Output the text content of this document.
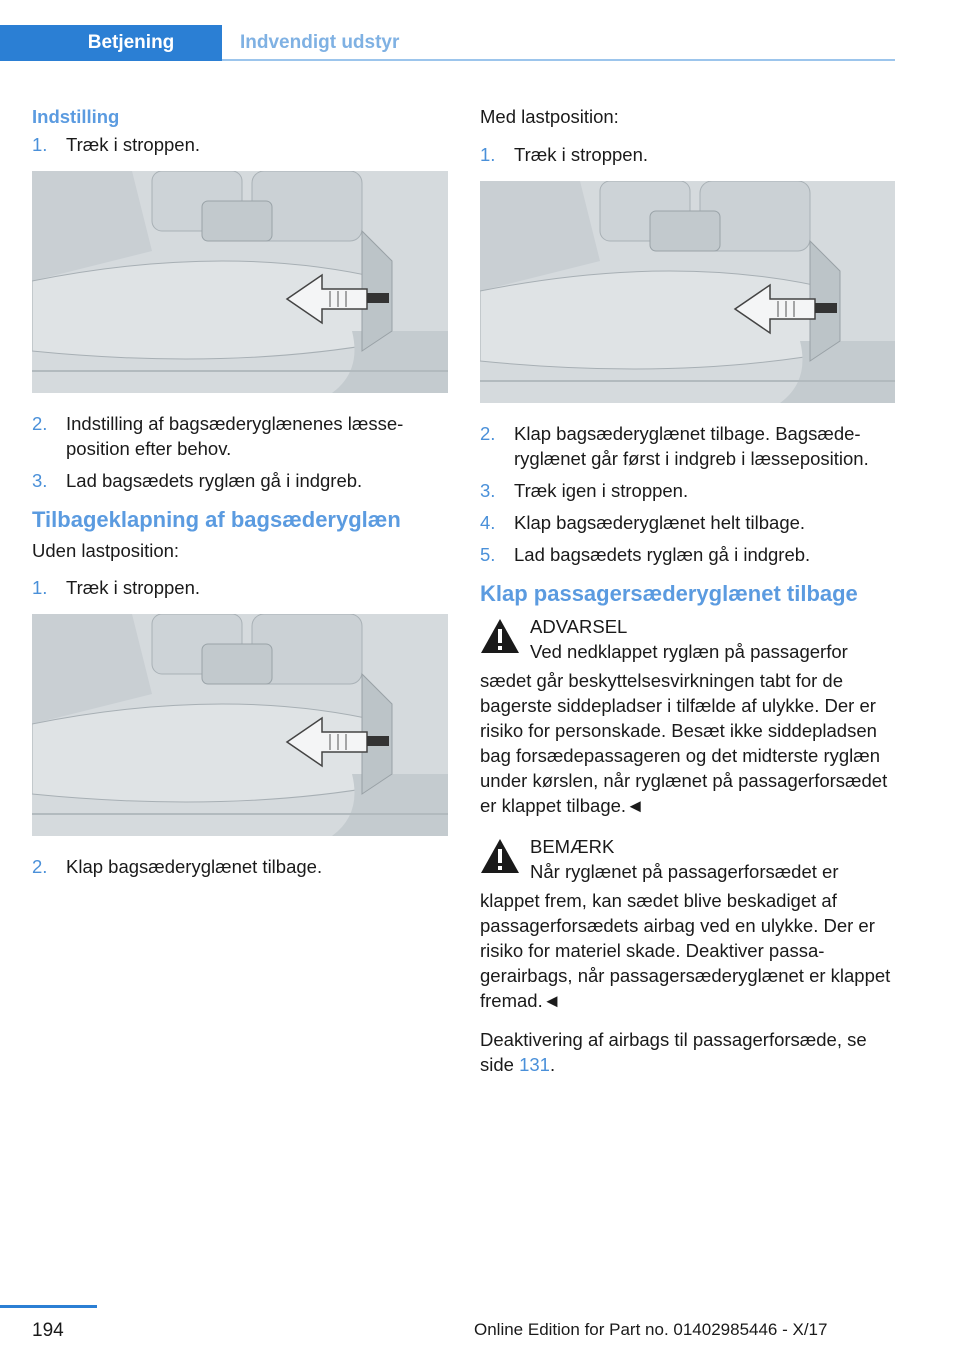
Betjening	Indvendigt udstyr
Indstilling
1.	Træk i stroppen.
2.	Indstilling af bagsæderyglænenes læsseposition efter behov.
3.	Lad bagsædets ryglæn gå i indgreb.
Tilbageklapning af bagsæderyglæn
Uden lastposition:
1.	Træk i stroppen.
2.	Klap bagsæderyglænet tilbage.
Med lastposition:
1.	Træk i stroppen.
2.	Klap bagsæderyglænet tilbage. Bagsæderyglænet går først i indgreb i læsseposition.
3.	Træk igen i stroppen.
4.	Klap bagsæderyglænet helt tilbage.
5.	Lad bagsædets ryglæn gå i indgreb.
Klap passagersæderyglænet tilbage
ADVARSEL
Ved nedklappet ryglæn på passagerfor
sædet går beskyttelsesvirkningen tabt for de bagerste siddepladser i tilfælde af ulykke. Der er risiko for personskade. Besæt ikke siddepladsen bag forsædepassageren og det midterste ryglæn under kørslen, når ryglænet på passagerforsædet er klappet tilbage.◄
BEMÆRK
Når ryglænet på passagerforsædet er
klappet frem, kan sædet blive beskadiget af passagerforsædets airbag ved en ulykke. Der er risiko for materiel skade. Deaktiver passagerairbags, når passagersæderyglænet er klappet fremad.◄
Deaktivering af airbags til passagerforsæde, se side 131.
194	Online Edition for Part no. 01402985446 - X/17
